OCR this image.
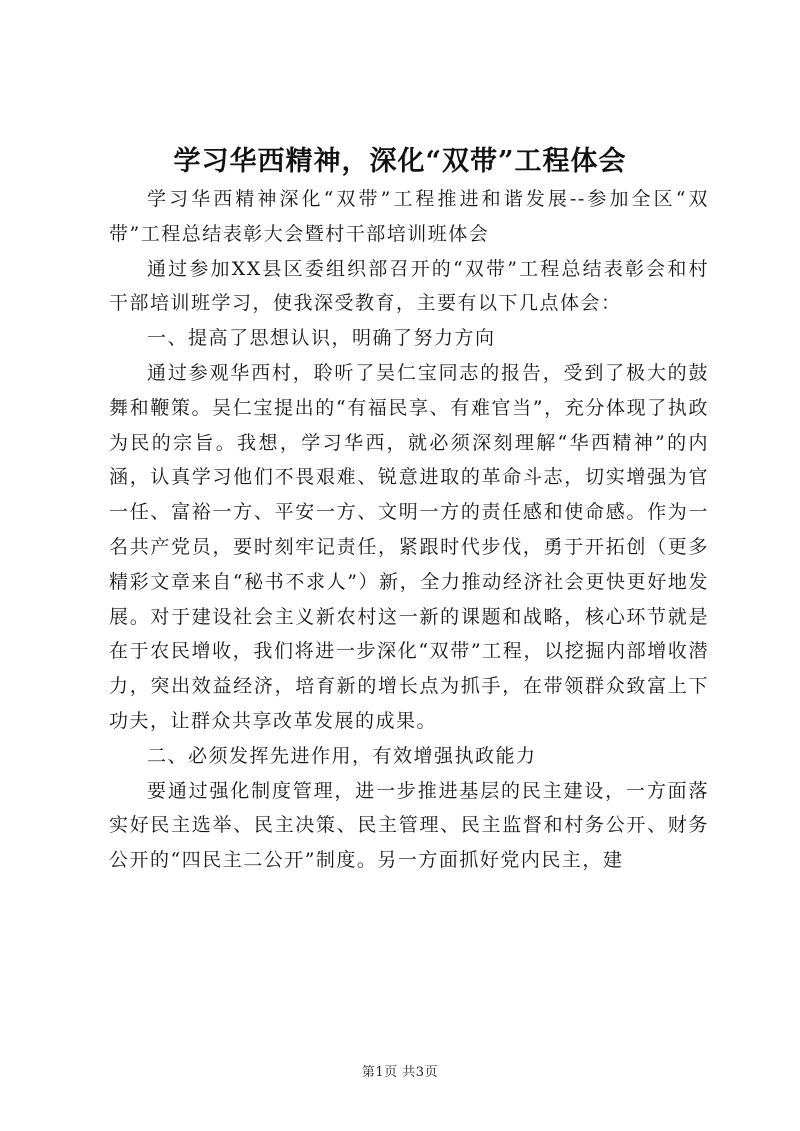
学习华西精神，深化“双带”工程体会

学习华西精神深化“双带”工程推进和谐发展--参加全区“双带”工程总结表彰大会暨村干部培训班体会

通过参加XX县区委组织部召开的“双带”工程总结表彰会和村干部培训班学习，使我深受教育，主要有以下几点体会：

一、提高了思想认识，明确了努力方向

通过参观华西村，聆听了吴仁宝同志的报告，受到了极大的鼓舞和鞭策。吴仁宝提出的“有福民享、有难官当”，充分体现了执政为民的宗旨。我想，学习华西，就必须深刻理解“华西精神”的内涵，认真学习他们不畏艰难、锐意进取的革命斗志，切实增强为官一任、富裕一方、平安一方、文明一方的责任感和使命感。作为一名共产党员，要时刻牢记责任，紧跟时代步伐，勇于开拓创（更多精彩文章来自“秘书不求人”）新，全力推动经济社会更快更好地发展。对于建设社会主义新农村这一新的课题和战略，核心环节就是在于农民增收，我们将进一步深化“双带”工程，以挖掘内部增收潜力，突出效益经济，培育新的增长点为抓手，在带领群众致富上下功夫，让群众共享改革发展的成果。

二、必须发挥先进作用，有效增强执政能力

要通过强化制度管理，进一步推进基层的民主建设，一方面落实好民主选举、民主决策、民主管理、民主监督和村务公开、财务公开的“四民主二公开”制度。另一方面抓好党内民主，建

第1页 共3页
